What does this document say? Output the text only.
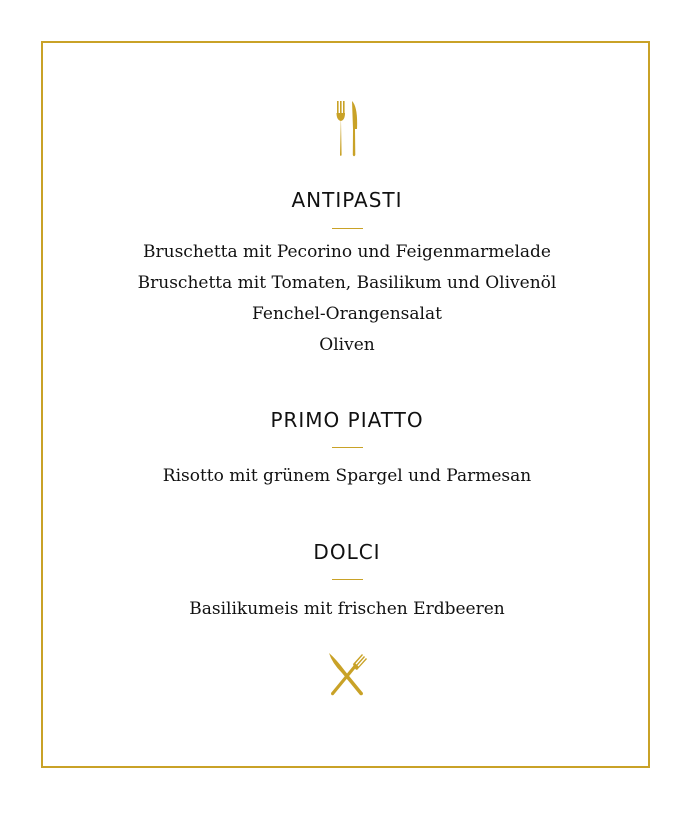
ANTIPASTI
Bruschetta mit Pecorino und Feigenmarmelade
Bruschetta mit Tomaten, Basilikum und Olivenöl
Fenchel-Orangensalat
Oliven
PRIMO PIATTO
Risotto mit grünem Spargel und Parmesan
DOLCI
Basilikumeis mit frischen Erdbeeren
